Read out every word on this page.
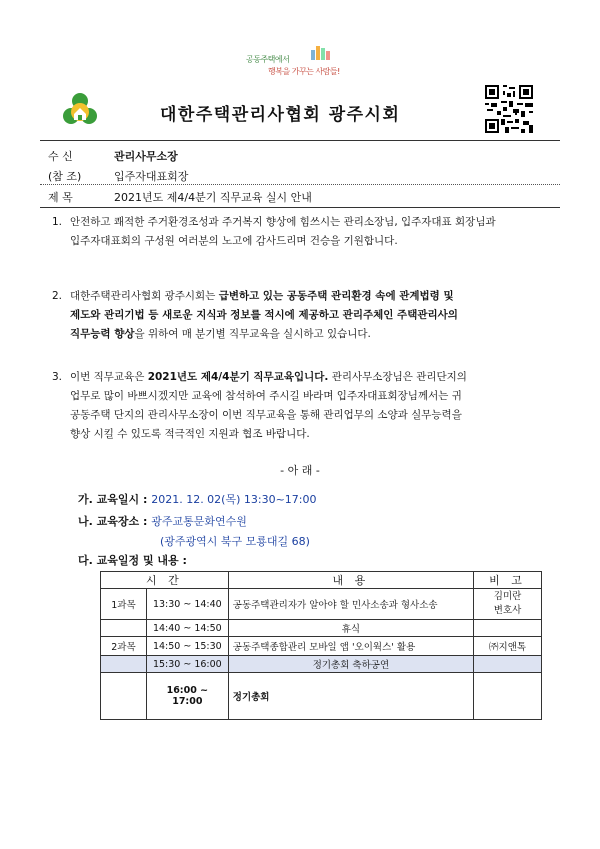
공동주택에서
행복을 가꾸는 사람들!
대한주택관리사협회 광주시회
수 신	관리사무소장
(참 조)	입주자대표회장
제 목	2021년도 제4/4분기 직무교육 실시 안내
1. 안전하고 쾌적한 주거환경조성과 주거복지 향상에 힘쓰시는 관리소장님, 입주자대표 회장님과
입주자대표회의 구성원 여러분의 노고에 감사드리며 건승을 기원합니다.
2. 대한주택관리사협회 광주시회는 급변하고 있는 공동주택 관리환경 속에 관계법령 및
제도와 관리기법 등 새로운 지식과 정보를 적시에 제공하고 관리주체인 주택관리사의
직무능력 향상을 위하여 매 분기별 직무교육을 실시하고 있습니다.
3. 이번 직무교육은 2021년도 제4/4분기 직무교육입니다. 관리사무소장님은 관리단지의
업무로 많이 바쁘시겠지만 교육에 참석하여 주시길 바라며 입주자대표회장님께서는 귀
공동주택 단지의 관리사무소장이 이번 직무교육을 통해 관리업무의 소양과 실무능력을
향상 시킬 수 있도록 적극적인 지원과 협조 바랍니다.
- 아 래 -
가. 교육일시 : 2021. 12. 02(목) 13:30~17:00
나. 교육장소 : 광주교통문화연수원
(광주광역시 북구 모룡대길 68)
다. 교육일정 및 내용 :
시 간		내 용	비 고
1과목	13:30 ~ 14:40	공동주택관리자가 알아야 할 민사소송과 형사소송	김미란
변호사
	14:40 ~ 14:50	휴식	
2과목	14:50 ~ 15:30	공동주택종합관리 모바일 앱 '오이웍스' 활용	㈜지앤톡
	15:30 ~ 16:00	정기총회 축하공연	
	16:00 ~ 17:00	정기총회	
